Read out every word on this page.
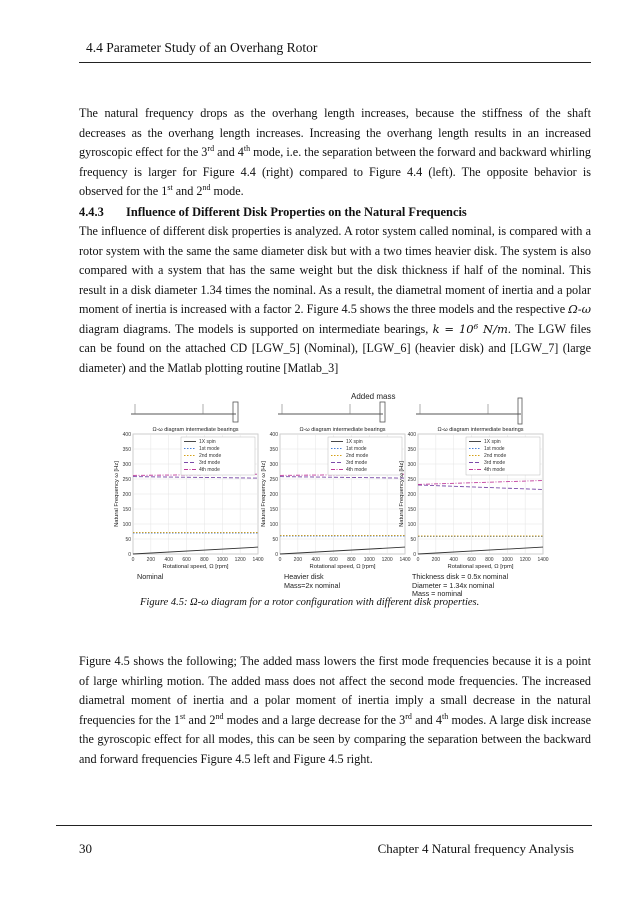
4.4 Parameter Study of an Overhang Rotor

The natural frequency drops as the overhang length increases, because the stiffness of the shaft decreases as the overhang length increases. Increasing the overhang length results in an increased gyroscopic effect for the 3rd and 4th mode, i.e. the separation between the forward and backward whirling frequency is larger for Figure 4.4 (right) compared to Figure 4.4 (left). The opposite behavior is observed for the 1st and 2nd mode.

4.4.3 Influence of Different Disk Properties on the Natural Frequencis

The influence of different disk properties is analyzed. A rotor system called nominal, is compared with a rotor system with the same the same diameter disk but with a two times heavier disk. The system is also compared with a system that has the same weight but the disk thickness if half of the nominal. This result in a disk diameter 1.34 times the nominal. As a result, the diametral moment of inertia and a polar moment of inertia is increased with a factor 2. Figure 4.5 shows the three models and the respective Ω-ω diagram diagrams. The models is supported on intermediate bearings, k = 10⁶ N/m. The LGW files can be found on the attached CD [LGW_5] (Nominal), [LGW_6] (heavier disk) and [LGW_7] (large diameter) and the Matlab plotting routine [Matlab_3]

Added mass
Ω-ω diagram intermediate bearings
0
50
100
150
200
250
300
350
400
0 200 400 600 800 1000 1200 1400
Rotational speed, Ω [rpm]
Natural Frequency ω [Hz]
1X spin
1st mode
2nd mode
3rd mode
4th mode
Nominal
Ω-ω diagram intermediate bearings
0
50
100
150
200
250
300
350
400
0 200 400 600 800 1000 1200 1400
Rotational speed, Ω [rpm]
Natural Frequency ω [Hz]
1X spin
1st mode
2nd mode
3rd mode
4th mode
Heavier disk
Mass=2x nominal
Ω-ω diagram intermediate bearings
0
50
100
150
200
250
300
350
400
0 200 400 600 800 1000 1200 1400
Rotational speed, Ω [rpm]
Natural Frequency ω [Hz]
1X spin
1st mode
2nd mode
3rd mode
4th mode
Thickness disk = 0.5x nominal
Diameter = 1.34x nominal
Mass = nominal
Figure 4.5: Ω-ω diagram for a rotor configuration with different disk properties.

Figure 4.5 shows the following; The added mass lowers the first mode frequencies because it is a point of large whirling motion. The added mass does not affect the second mode frequencies. The increased diametral moment of inertia and a polar moment of inertia imply a small decrease in the natural frequencies for the 1st and 2nd modes and a large decrease for the 3rd and 4th modes. A large disk increase the gyroscopic effect for all modes, this can be seen by comparing the separation between the backward and forward frequencies Figure 4.5 left and Figure 4.5 right.

30	Chapter 4 Natural frequency Analysis
